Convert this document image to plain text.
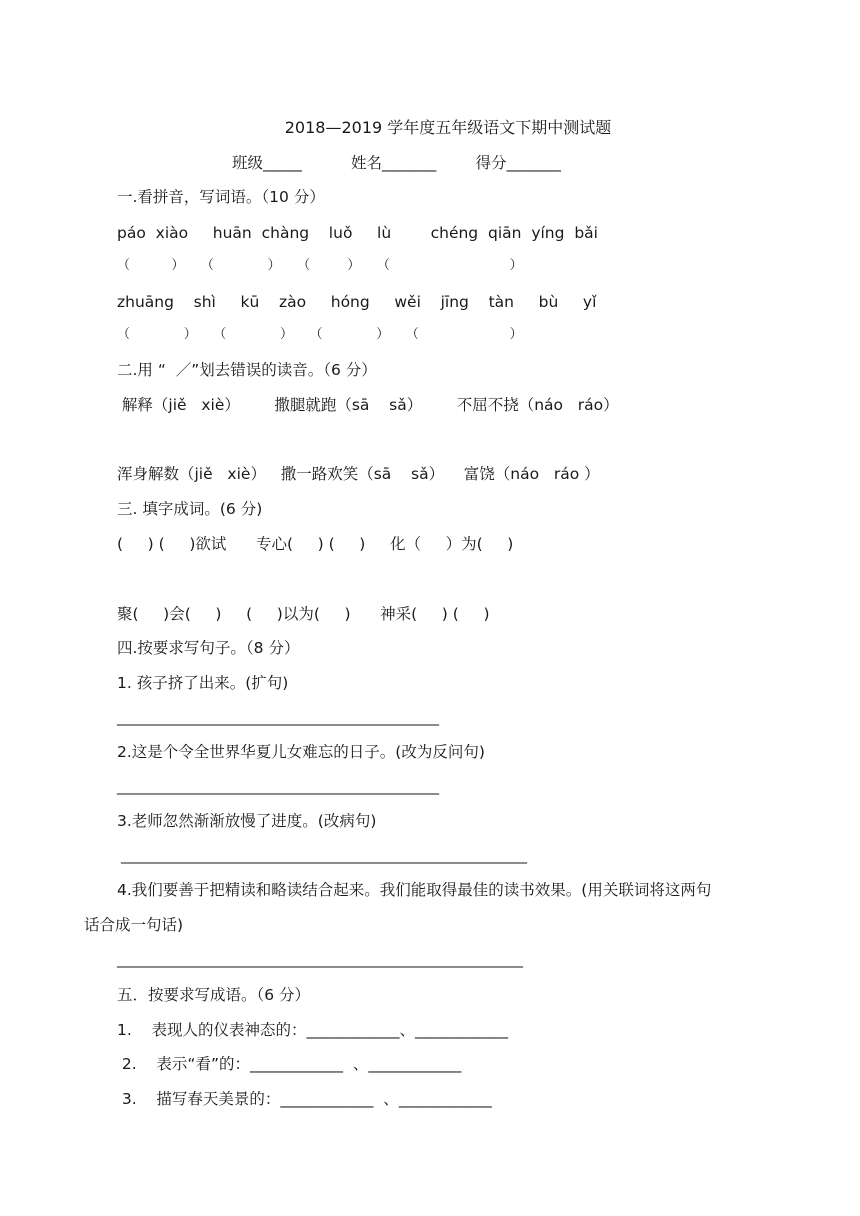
2018—2019 学年度五年级语文下期中测试题
班级_____          姓名_______        得分_______
一.看拼音，写词语。（10 分）
páo  xiào     huān  chàng    luǒ     lù        chéng  qiān  yíng  bǎi
（          ）    （             ）    （         ）    （                             ）
zhuāng    shì     kū    zào     hóng     wěi    jīng    tàn     bù     yǐ
（             ）    （             ）    （             ）    （                      ）
二.用 “  ／”划去错误的读音。（6 分）
解释（jiě   xiè）       撒腿就跑（sā    sǎ）       不屈不挠（náo   ráo）
浑身解数（jiě   xiè）   撒一路欢笑（sā    sǎ）    富饶（náo   ráo ）
三. 填字成词。(6 分)
(     ) (     )欲试      专心(     ) (     )     化（     ）为(     )
聚(     )会(     )     (     )以为(     )      神采(     ) (     )
四.按要求写句子。（8 分）
1. 孩子挤了出来。(扩句)
______________________________________________
2.这是个令全世界华夏儿女难忘的日子。(改为反问句)
______________________________________________
3.老师忽然渐渐放慢了进度。(改病句)
__________________________________________________________
4.我们要善于把精读和略读结合起来。我们能取得最佳的读书效果。(用关联词将这两句
话合成一句话)
__________________________________________________________
五．按要求写成语。（6 分）
1.    表现人的仪表神态的：____________、____________
2.    表示“看”的：____________  、____________
3.    描写春天美景的：____________  、____________
